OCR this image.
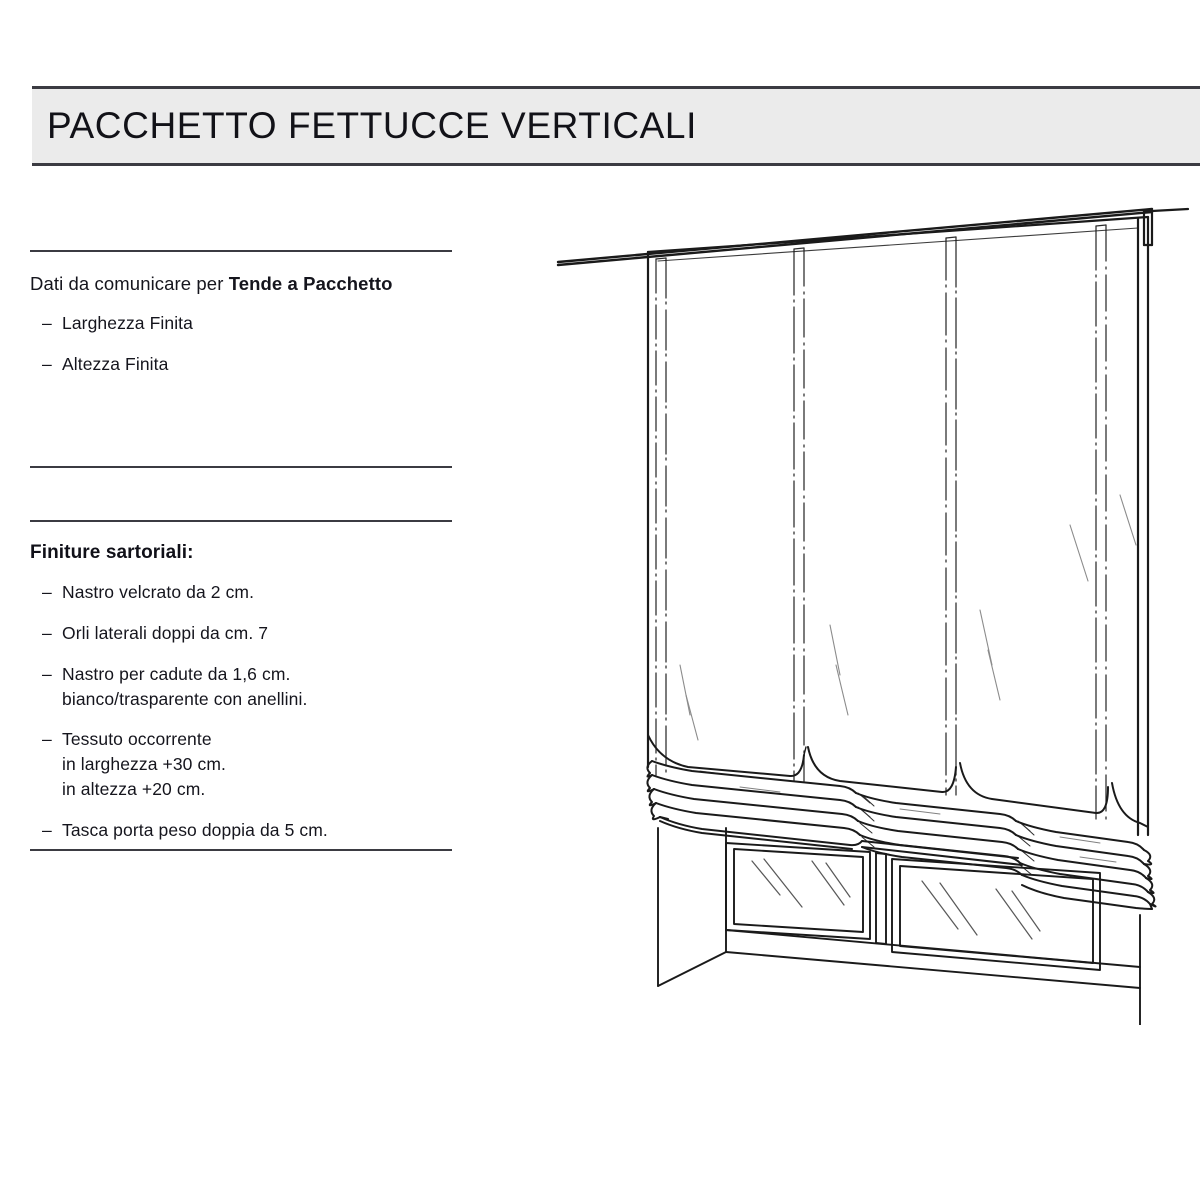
PACCHETTO FETTUCCE VERTICALI
Dati da comunicare per Tende a Pacchetto
– Larghezza Finita
– Altezza Finita
Finiture sartoriali:
– Nastro velcrato da 2 cm.
– Orli laterali doppi da cm. 7
– Nastro per cadute da 1,6 cm.
bianco/trasparente con anellini.
– Tessuto occorrente
in larghezza +30 cm.
in altezza +20 cm.
– Tasca porta peso doppia da 5 cm.
